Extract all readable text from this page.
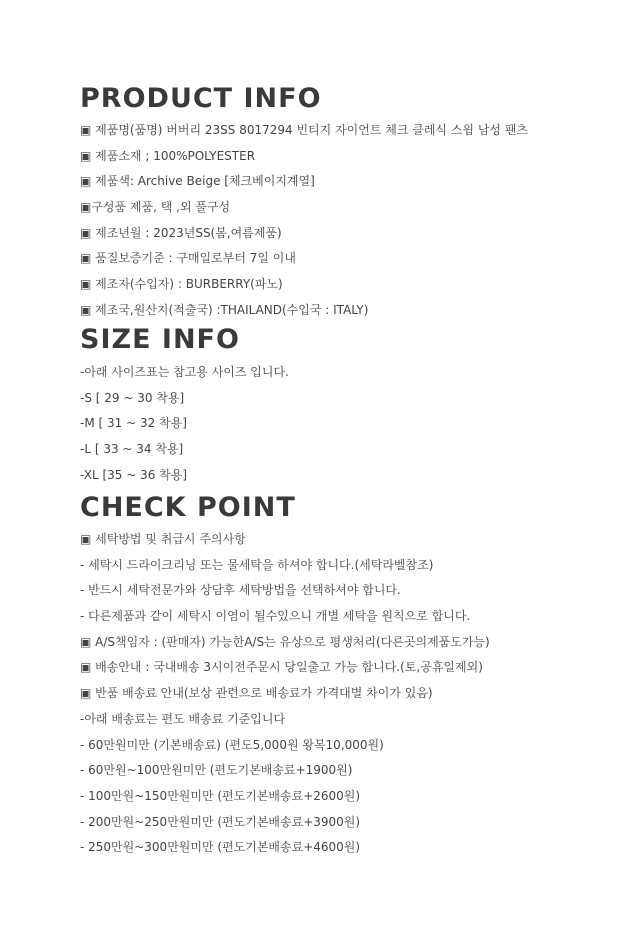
PRODUCT INFO
▣ 제품명(품명) 버버리 23SS 8017294 빈티지 자이언트 체크 클레식 스윔 남성 팬츠
▣ 제품소재 ; 100%POLYESTER
▣ 제품색: Archive Beige [체크베이지계열]
▣구성품 제품, 택 ,외 풀구성
▣ 제조년월 : 2023년SS(봄,여름제품)
▣ 품질보증기준 : 구매일로부터 7일 이내
▣ 제조자(수입자) : BURBERRY(파노)
▣ 제조국,원산지(적출국) :THAILAND(수입국 : ITALY)
SIZE INFO
-아래 사이즈표는 참고용 사이즈 입니다.
-S [ 29 ~ 30 착용]
-M [ 31 ~ 32 착용]
-L [ 33 ~ 34 착용]
-XL [35 ~ 36 착용]
CHECK POINT
▣ 세탁방법 및 취급시 주의사항
- 세탁시 드라이크리닝 또는 물세탁을 하셔야 합니다.(세탁라벨참조)
- 반드시 세탁전문가와 상담후 세탁방법을 선택하셔야 합니다.
- 다른제품과 같이 세탁시 이염이 될수있으니 개별 세탁을 원칙으로 합니다.
▣ A/S책임자 : (판매자) 가능한A/S는 유상으로 평생처리(다른곳의제품도가능)
▣ 배송안내 : 국내배송 3시이전주문시 당일출고 가능 합니다.(토,공휴일제외)
▣ 반품 배송료 안내(보상 관련으로 배송료가 가격대별 차이가 있음)
-아래 배송료는 편도 배송료 기준입니다
- 60만원미만 (기본배송료) (편도5,000원 왕복10,000원)
- 60만원~100만원미만 (편도기본배송료+1900원)
- 100만원~150만원미만 (편도기본배송료+2600원)
- 200만원~250만원미만 (편도기본배송료+3900원)
- 250만원~300만원미만 (편도기본배송료+4600원)
